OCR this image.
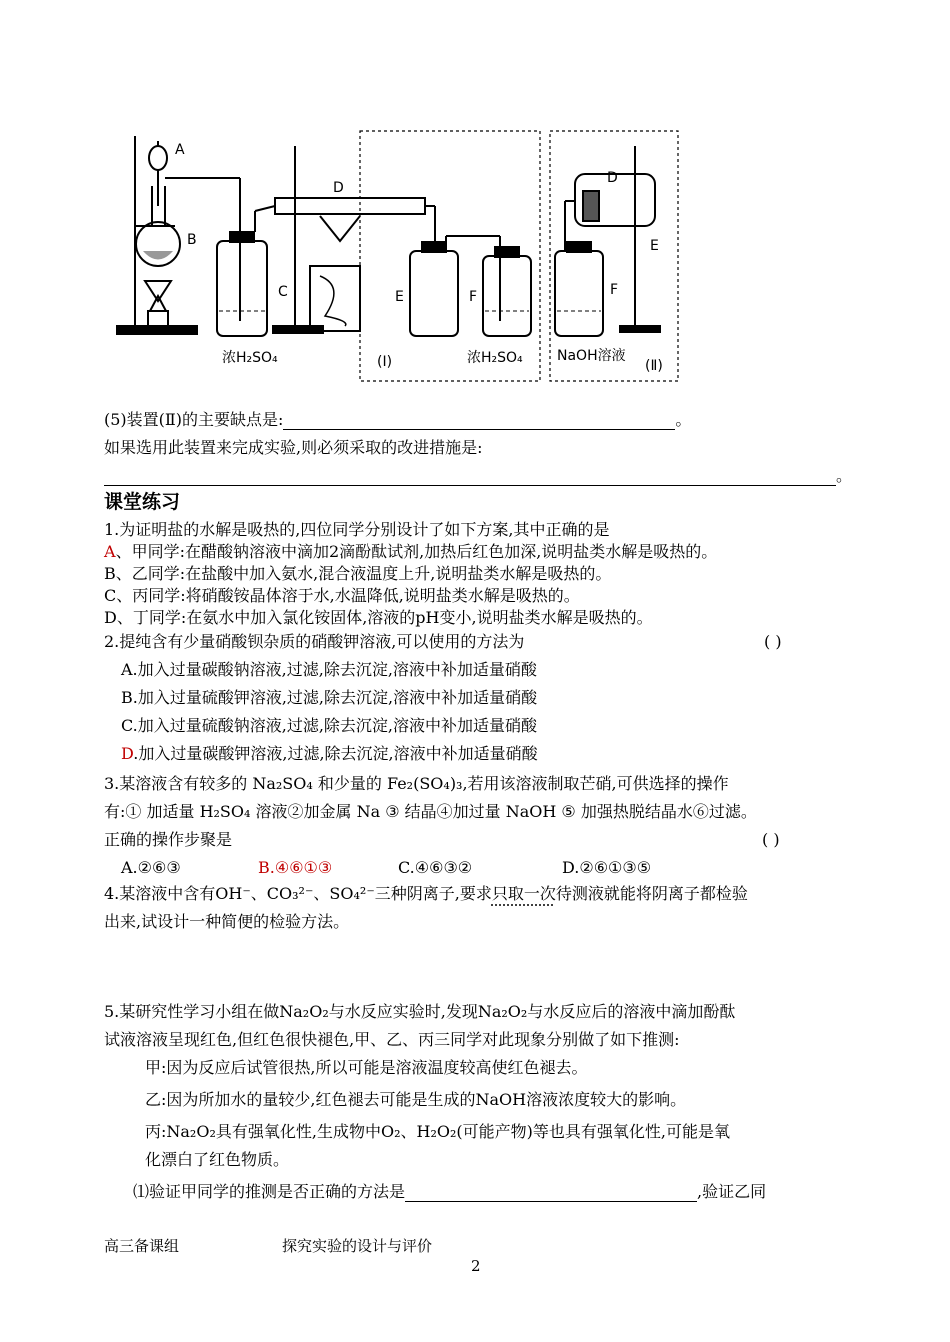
A
B
C
D
E	F
D
E
F
浓H₂SO₄	浓H₂SO₄ NaOH溶液
(Ⅰ)	(Ⅱ)
(5)装置(Ⅱ)的主要缺点是:	。
如果选用此装置来完成实验,则必须采取的改进措施是:
。
课堂练习
1.为证明盐的水解是吸热的,四位同学分别设计了如下方案,其中正确的是
A、甲同学:在醋酸钠溶液中滴加2滴酚酞试剂,加热后红色加深,说明盐类水解是吸热的。
B、乙同学:在盐酸中加入氨水,混合液温度上升,说明盐类水解是吸热的。
C、丙同学:将硝酸铵晶体溶于水,水温降低,说明盐类水解是吸热的。
D、丁同学:在氨水中加入氯化铵固体,溶液的pH变小,说明盐类水解是吸热的。
2.提纯含有少量硝酸钡杂质的硝酸钾溶液,可以使用的方法为	( )
A.加入过量碳酸钠溶液,过滤,除去沉淀,溶液中补加适量硝酸
B.加入过量硫酸钾溶液,过滤,除去沉淀,溶液中补加适量硝酸
C.加入过量硫酸钠溶液,过滤,除去沉淀,溶液中补加适量硝酸
D.加入过量碳酸钾溶液,过滤,除去沉淀,溶液中补加适量硝酸
3.某溶液含有较多的 Na₂SO₄ 和少量的 Fe₂(SO₄)₃,若用该溶液制取芒硝,可供选择的操作
有:① 加适量 H₂SO₄ 溶液②加金属 Na ③ 结晶④加过量 NaOH ⑤ 加强热脱结晶水⑥过滤。
正确的操作步聚是	( )
A.②⑥③	B.④⑥①③	C.④⑥③②	D.②⑥①③⑤
4.某溶液中含有OH⁻、CO₃²⁻、SO₄²⁻三种阴离子,要求只取一次待测液就能将阴离子都检验
出来,试设计一种简便的检验方法。
5.某研究性学习小组在做Na₂O₂与水反应实验时,发现Na₂O₂与水反应后的溶液中滴加酚酞
试液溶液呈现红色,但红色很快褪色,甲、乙、丙三同学对此现象分别做了如下推测:
甲:因为反应后试管很热,所以可能是溶液温度较高使红色褪去。
乙:因为所加水的量较少,红色褪去可能是生成的NaOH溶液浓度较大的影响。
丙:Na₂O₂具有强氧化性,生成物中O₂、H₂O₂(可能产物)等也具有强氧化性,可能是氧
化漂白了红色物质。
⑴验证甲同学的推测是否正确的方法是	,验证乙同
高三备课组	探究实验的设计与评价
2
